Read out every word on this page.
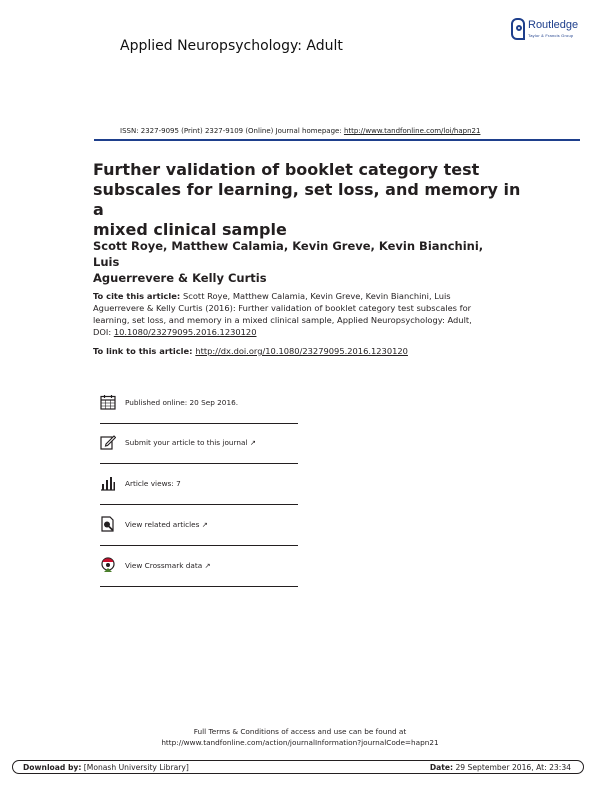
Applied Neuropsychology: Adult
Routledge
Taylor & Francis Group
ISSN: 2327-9095 (Print) 2327-9109 (Online) Journal homepage: http://www.tandfonline.com/loi/hapn21
Further validation of booklet category test
subscales for learning, set loss, and memory in a
mixed clinical sample
Scott Roye, Matthew Calamia, Kevin Greve, Kevin Bianchini, Luis
Aguerrevere & Kelly Curtis
To cite this article: Scott Roye, Matthew Calamia, Kevin Greve, Kevin Bianchini, Luis
Aguerrevere & Kelly Curtis (2016): Further validation of booklet category test subscales for
learning, set loss, and memory in a mixed clinical sample, Applied Neuropsychology: Adult,
DOI: 10.1080/23279095.2016.1230120
To link to this article: http://dx.doi.org/10.1080/23279095.2016.1230120
Published online: 20 Sep 2016.
Submit your article to this journal ↗
Article views: 7
View related articles ↗
View Crossmark data ↗
Full Terms & Conditions of access and use can be found at
http://www.tandfonline.com/action/journalInformation?journalCode=hapn21
Download by: [Monash University Library]	Date: 29 September 2016, At: 23:34
